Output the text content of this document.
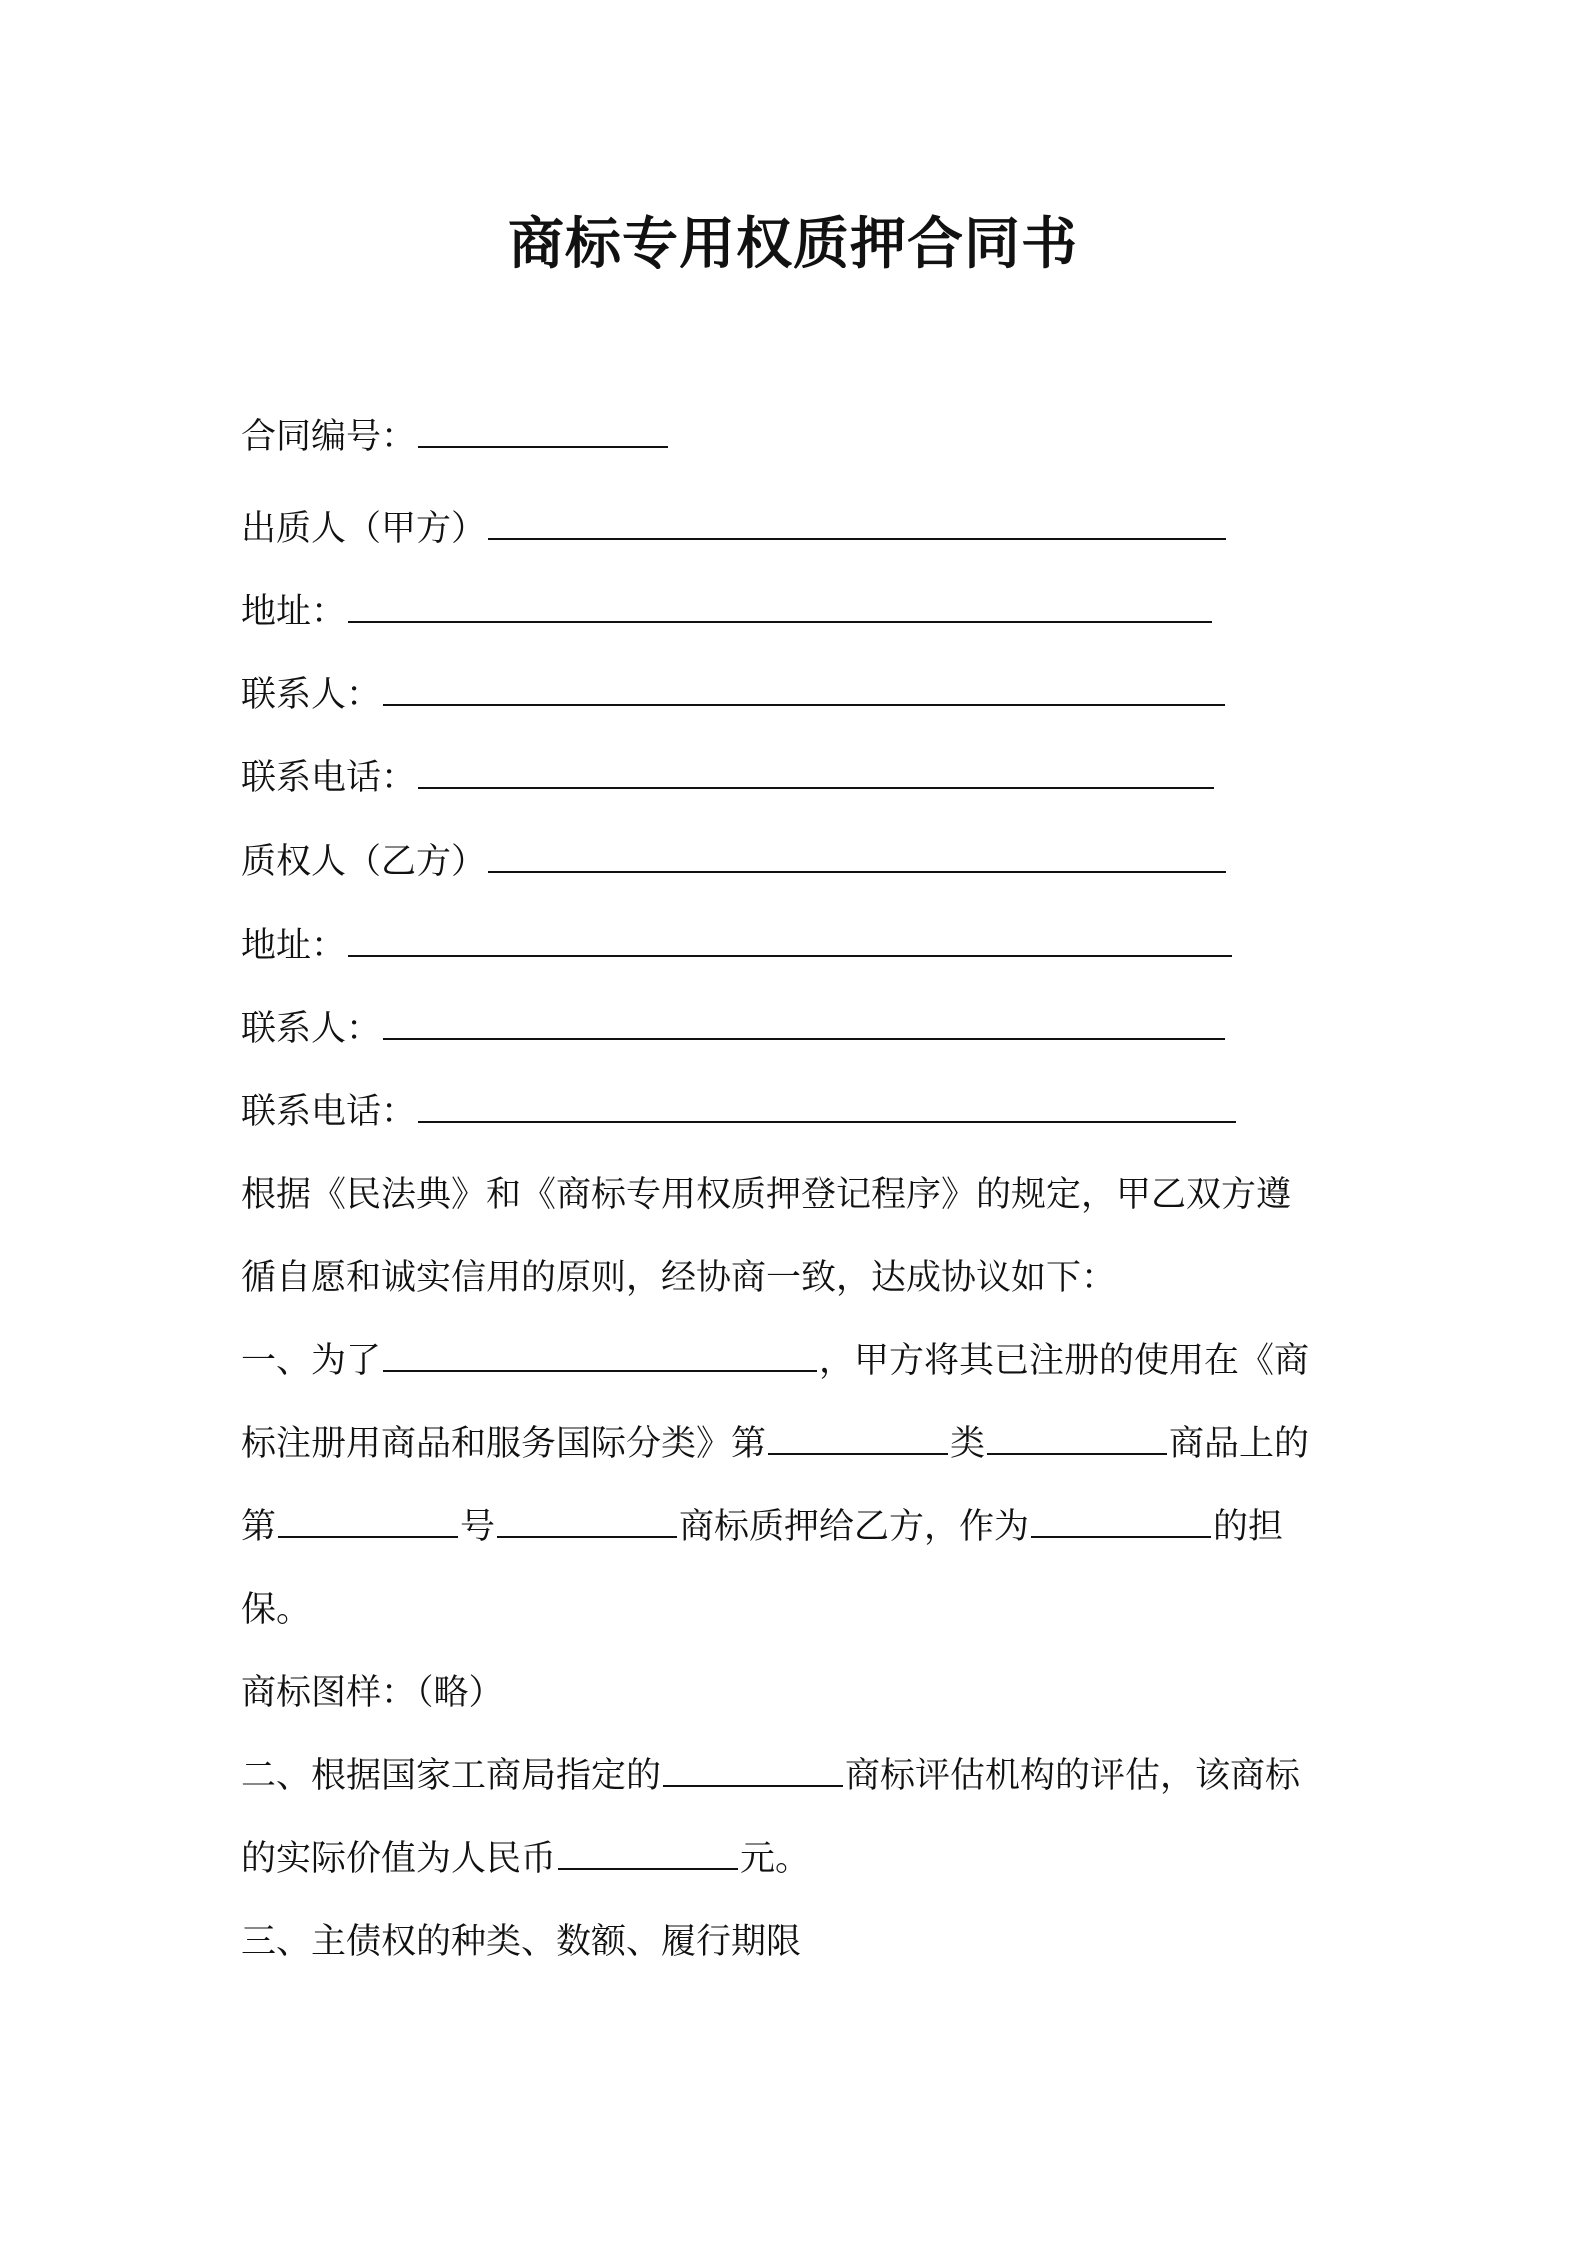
商标专用权质押合同书
合同编号：
出质人（甲方）
地址：
联系人：
联系电话：
质权人（乙方）
地址：
联系人：
联系电话：
根据《民法典》和《商标专用权质押登记程序》的规定，甲乙双方遵
循自愿和诚实信用的原则，经协商一致，达成协议如下：
一、为了	，甲方将其已注册的使用在《商
标注册用商品和服务国际分类》第	类	商品上的
第	号	商标质押给乙方，作为	的担
保。
商标图样：（略）
二、根据国家工商局指定的	商标评估机构的评估，该商标
的实际价值为人民币	元。
三、主债权的种类、数额、履行期限
